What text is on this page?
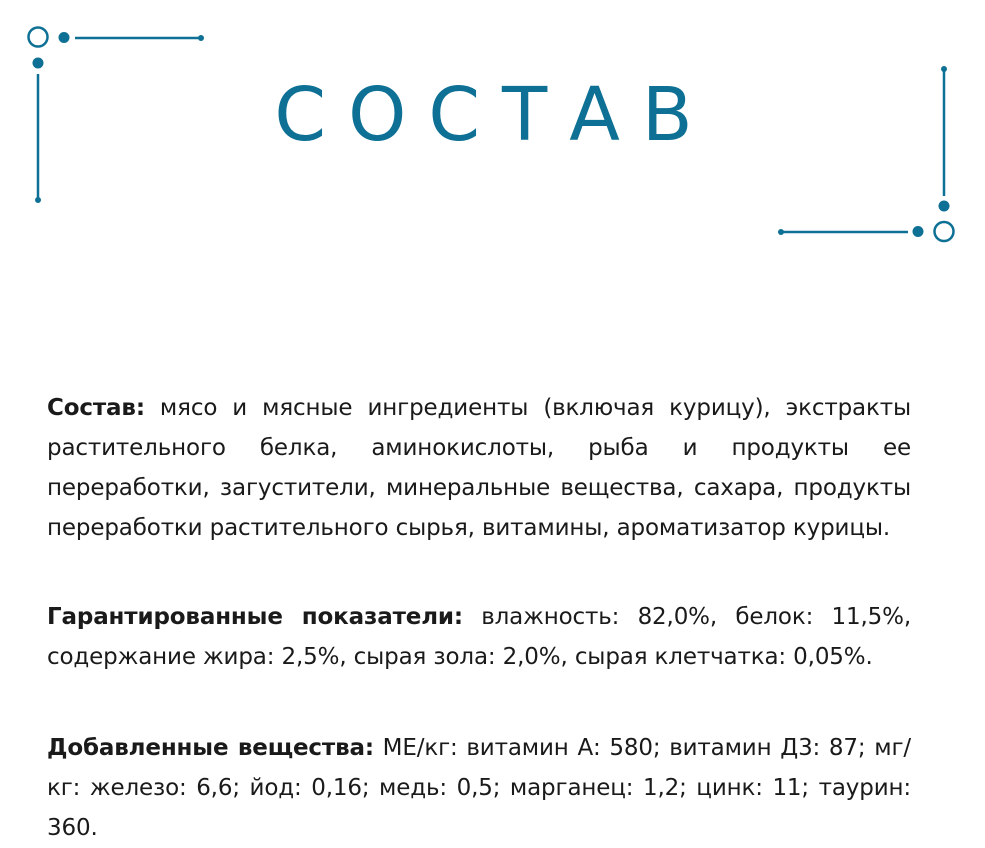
СОСТАВ

Состав: мясо и мясные ингредиенты (включая курицу), экстракты растительного белка, аминокислоты, рыба и продукты ее переработки, загустители, минеральные вещества, сахара, продукты переработки растительного сырья, витамины, ароматизатор курицы.

Гарантированные показатели: влажность: 82,0%, белок: 11,5%, содержание жира: 2,5%, сырая зола: 2,0%, сырая клетчатка: 0,05%.

Добавленные вещества: МЕ/кг: витамин А: 580; витамин Д3: 87; мг/кг: железо: 6,6; йод: 0,16; медь: 0,5; марганец: 1,2; цинк: 11; таурин: 360.
